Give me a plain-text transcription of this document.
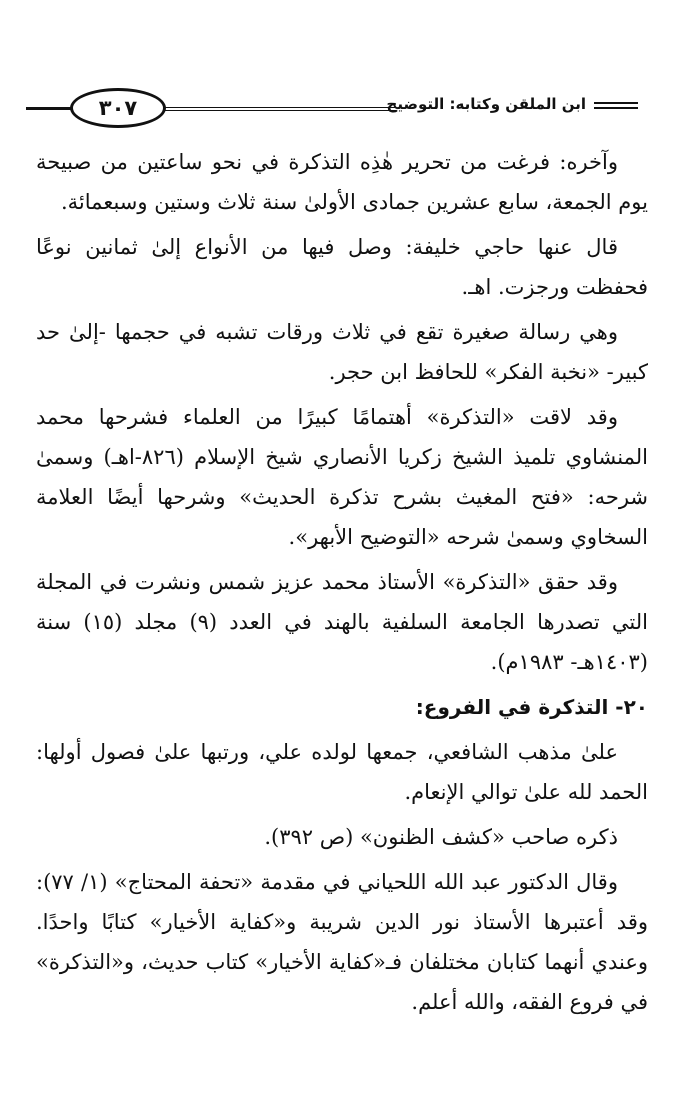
٣٠٧	ابن الملقن وكتابه: التوضيح

وآخره: فرغت من تحرير هٰذِه التذكرة في نحو ساعتين من صبيحة يوم الجمعة، سابع عشرين جمادى الأولىٰ سنة ثلاث وستين وسبعمائة.

قال عنها حاجي خليفة: وصل فيها من الأنواع إلىٰ ثمانين نوعًا فحفظت ورجزت. اهـ.

وهي رسالة صغيرة تقع في ثلاث ورقات تشبه في حجمها -إلىٰ حد كبير- «نخبة الفكر» للحافظ ابن حجر.

وقد لاقت «التذكرة» أهتمامًا كبيرًا من العلماء فشرحها محمد المنشاوي تلميذ الشيخ زكريا الأنصاري شيخ الإسلام (٨٢٦-اهـ) وسمىٰ شرحه: «فتح المغيث بشرح تذكرة الحديث» وشرحها أيضًا العلامة السخاوي وسمىٰ شرحه «التوضيح الأبهر».

وقد حقق «التذكرة» الأستاذ محمد عزيز شمس ونشرت في المجلة التي تصدرها الجامعة السلفية بالهند في العدد (٩) مجلد (١٥) سنة (١٤٠٣هـ- ١٩٨٣م).

٢٠- التذكرة في الفروع:

علىٰ مذهب الشافعي، جمعها لولده علي، ورتبها علىٰ فصول أولها: الحمد لله علىٰ توالي الإنعام.

ذكره صاحب «كشف الظنون» (ص ٣٩٢).

وقال الدكتور عبد الله اللحياني في مقدمة «تحفة المحتاج» (١/ ٧٧): وقد أعتبرها الأستاذ نور الدين شريبة و«كفاية الأخيار» كتابًا واحدًا. وعندي أنهما كتابان مختلفان فـ«كفاية الأخيار» كتاب حديث، و«التذكرة» في فروع الفقه، والله أعلم.
